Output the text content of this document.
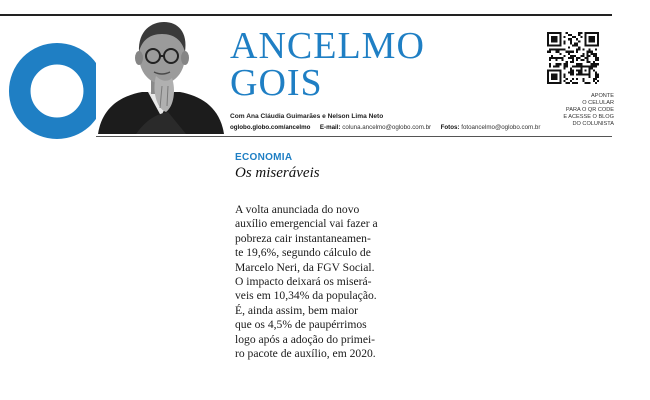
ANCELMO
GOIS
Com Ana Cláudia Guimarães e Nelson Lima Neto
oglobo.globo.com/ancelmo E-mail: coluna.ancelmo@oglobo.com.br Fotos: fotoancelmo@oglobo.com.br
APONTE
O CELULAR
PARA O QR CODE
E ACESSE O BLOG
DO COLUNISTA
ECONOMIA
Os miseráveis
A volta anunciada do novo
auxílio emergencial vai fazer a
pobreza cair instantaneamen-
te 19,6%, segundo cálculo de
Marcelo Neri, da FGV Social.
O impacto deixará os miserá-
veis em 10,34% da população.
É, ainda assim, bem maior
que os 4,5% de paupérrimos
logo após a adoção do primei-
ro pacote de auxílio, em 2020.
